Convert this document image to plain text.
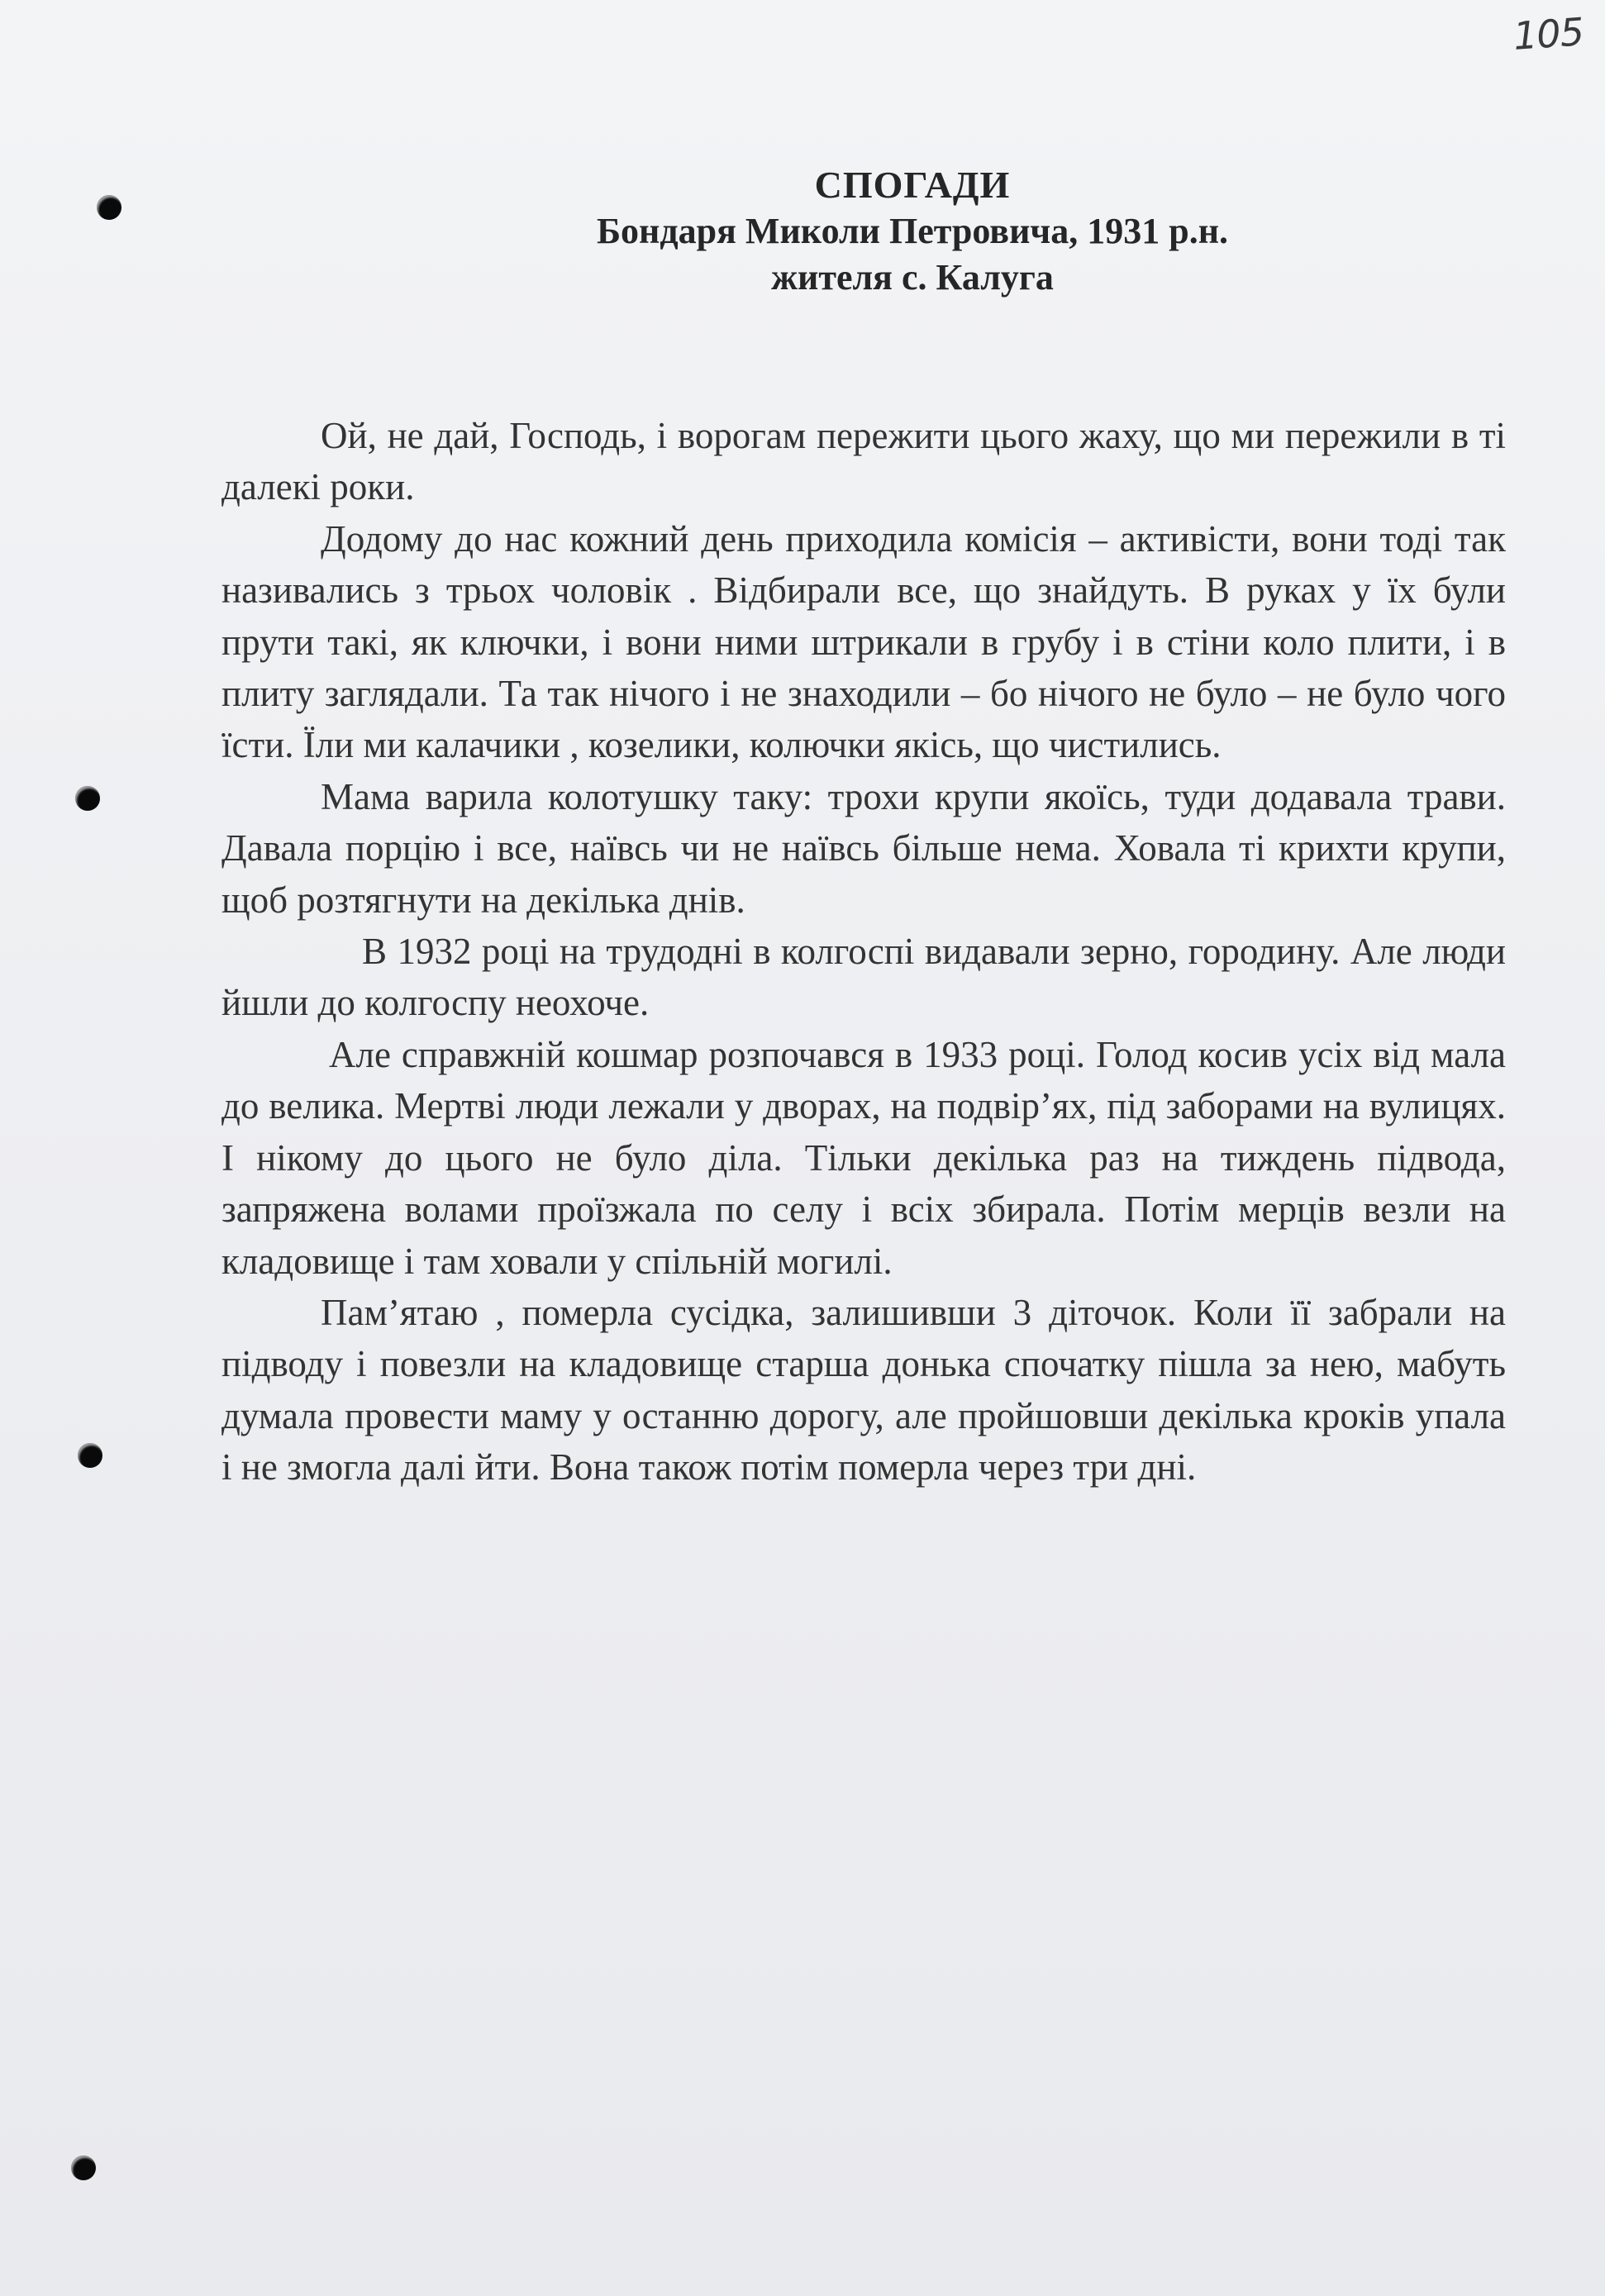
105
СПОГАДИ
Бондаря Миколи Петровича, 1931 р.н.
жителя с. Калуга

Ой, не дай, Господь, і ворогам пережити цього жаху, що ми пережили в ті далекі роки.

Додому до нас кожний день приходила комісія – активісти, вони тоді так називались з трьох чоловік . Відбирали все, що знайдуть. В руках у їх були прути такі, як ключки, і вони ними штрикали в грубу і в стіни коло плити, і в плиту заглядали. Та так нічого і не знаходили – бо нічого не було – не було чого їсти. Їли ми калачики , козелики, колючки якісь, що чистились.

Мама варила колотушку таку: трохи крупи якоїсь, туди додавала трави. Давала порцію і все, наївсь чи не наївсь більше нема. Ховала ті крихти крупи, щоб розтягнути на декілька днів.

В 1932 році на трудодні в колгоспі видавали зерно, городину. Але люди йшли до колгоспу неохоче.

Але справжній кошмар розпочався в 1933 році. Голод косив усіх від мала до велика. Мертві люди лежали у дворах, на подвір’ях, під заборами на вулицях. І нікому до цього не було діла. Тільки декілька раз на тиждень підвода, запряжена волами проїзжала по селу і всіх збирала. Потім мерців везли на кладовище і там ховали у спільній могилі.

Пам’ятаю , померла сусідка, залишивши 3 діточок. Коли її забрали на підводу і повезли на кладовище старша донька спочатку пішла за нею, мабуть думала провести маму у останню дорогу, але пройшовши декілька кроків упала і не змогла далі йти. Вона також потім померла через три дні.
